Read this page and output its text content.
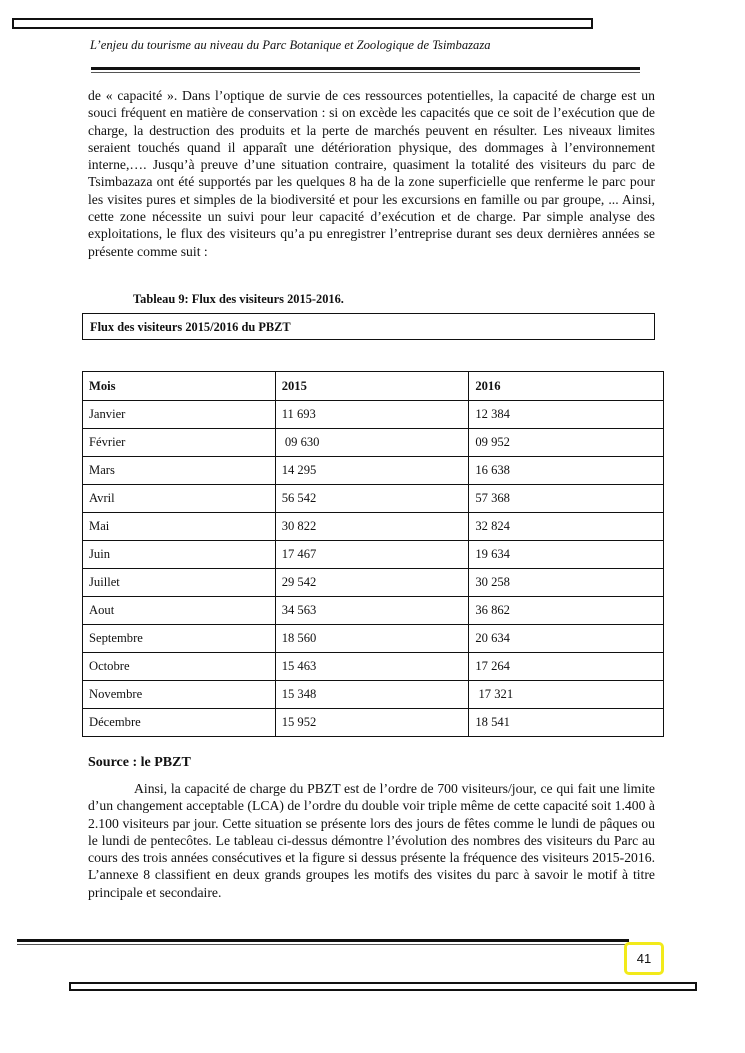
L’enjeu du tourisme au niveau du Parc Botanique et Zoologique de Tsimbazaza
de « capacité ». Dans l’optique de survie de ces ressources potentielles, la capacité de charge est un souci fréquent en matière de conservation : si on excède les capacités que ce soit de l’exécution que de charge, la destruction des produits et la perte de marchés peuvent en résulter. Les niveaux limites seraient touchés quand il apparaît une détérioration physique, des dommages à l’environnement interne,…. Jusqu’à preuve d’une situation contraire, quasiment la totalité des visiteurs du parc de Tsimbazaza ont été supportés par les quelques 8 ha de la zone superficielle que renferme le parc pour les visites pures et simples de la biodiversité et pour les excursions en famille ou par groupe, ... Ainsi, cette zone nécessite un suivi pour leur capacité d’exécution et de charge. Par simple analyse des exploitations, le flux des visiteurs qu’a pu enregistrer l’entreprise durant ses deux dernières années se présente comme suit :
Tableau 9: Flux des visiteurs 2015-2016.
Flux des visiteurs 2015/2016 du PBZT
Mois	2015	2016
Janvier	11 693	12 384
Février	09 630	09 952
Mars	14 295	16 638
Avril	56 542	57 368
Mai	30 822	32 824
Juin	17 467	19 634
Juillet	29 542	30 258
Aout	34 563	36 862
Septembre	18 560	20 634
Octobre	15 463	17 264
Novembre	15 348	17 321
Décembre	15 952	18 541
Source : le PBZT
Ainsi, la capacité de charge du PBZT est de l’ordre de 700 visiteurs/jour, ce qui fait une limite d’un changement acceptable (LCA) de l’ordre du double voir triple même de cette capacité soit 1.400 à 2.100 visiteurs par jour. Cette situation se présente lors des jours de fêtes comme le lundi de pâques ou le lundi de pentecôtes. Le tableau ci-dessus démontre l’évolution des nombres des visiteurs du Parc au cours des trois années consécutives et la figure si dessus présente la fréquence des visiteurs 2015-2016. L’annexe 8 classifient en deux grands groupes les motifs des visites du parc à savoir le motif à titre principale et secondaire.
41
